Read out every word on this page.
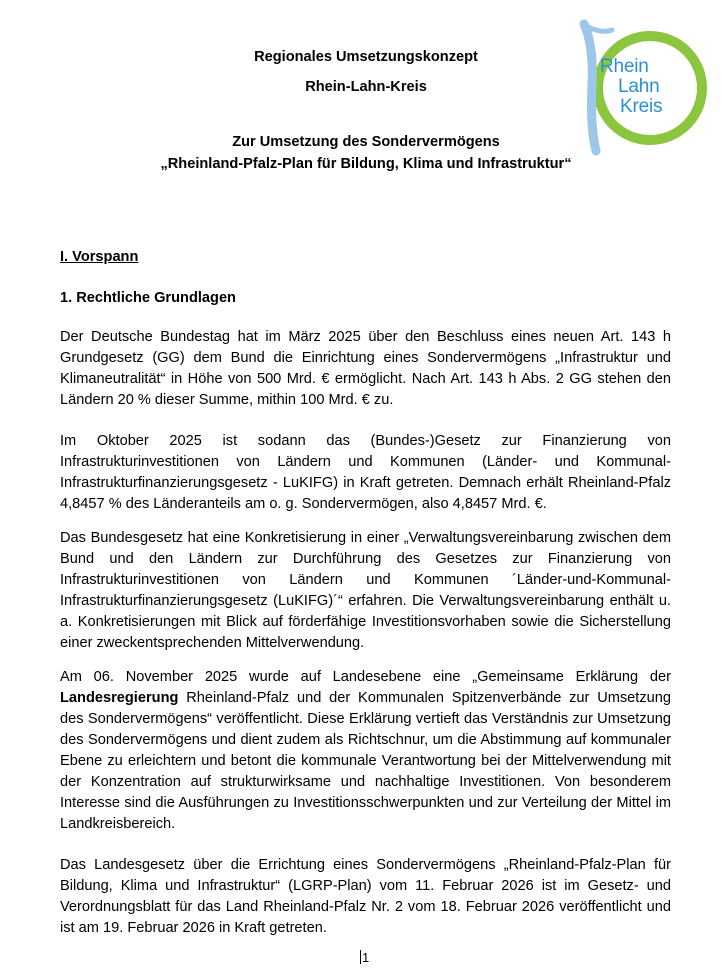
Rhein
Lahn
Kreis
Regionales Umsetzungskonzept
Rhein-Lahn-Kreis
Zur Umsetzung des Sondervermögens
„Rheinland-Pfalz-Plan für Bildung, Klima und Infrastruktur“
I. Vorspann
1. Rechtliche Grundlagen

Der Deutsche Bundestag hat im März 2025 über den Beschluss eines neuen Art. 143 h Grundgesetz (GG) dem Bund die Einrichtung eines Sondervermögens „Infrastruktur und Klimaneutralität“ in Höhe von 500 Mrd. € ermöglicht. Nach Art. 143 h Abs. 2 GG stehen den Ländern 20 % dieser Summe, mithin 100 Mrd. € zu.

Im Oktober 2025 ist sodann das (Bundes-)Gesetz zur Finanzierung von Infrastrukturinvestitionen von Ländern und Kommunen (Länder- und Kommunal-Infrastrukturfinanzierungsgesetz - LuKIFG) in Kraft getreten. Demnach erhält Rheinland-Pfalz 4,8457 % des Länderanteils am o. g. Sondervermögen, also 4,8457 Mrd. €.

Das Bundesgesetz hat eine Konkretisierung in einer „Verwaltungsvereinbarung zwischen dem Bund und den Ländern zur Durchführung des Gesetzes zur Finanzierung von Infrastrukturinvestitionen von Ländern und Kommunen ´Länder-und-Kommunal-Infrastrukturfinanzierungsgesetz (LuKIFG)´“ erfahren. Die Verwaltungsvereinbarung enthält u. a. Konkretisierungen mit Blick auf förderfähige Investitionsvorhaben sowie die Sicherstellung einer zweckentsprechenden Mittelverwendung.

Am 06. November 2025 wurde auf Landesebene eine „Gemeinsame Erklärung der Landesregierung Rheinland-Pfalz und der Kommunalen Spitzenverbände zur Umsetzung des Sondervermögens“ veröffentlicht. Diese Erklärung vertieft das Verständnis zur Umsetzung des Sondervermögens und dient zudem als Richtschnur, um die Abstimmung auf kommunaler Ebene zu erleichtern und betont die kommunale Verantwortung bei der Mittelverwendung mit der Konzentration auf strukturwirksame und nachhaltige Investitionen. Von besonderem Interesse sind die Ausführungen zu Investitionsschwerpunkten und zur Verteilung der Mittel im Landkreisbereich.

Das Landesgesetz über die Errichtung eines Sondervermögens „Rheinland-Pfalz-Plan für Bildung, Klima und Infrastruktur“ (LGRP-Plan) vom 11. Februar 2026 ist im Gesetz- und Verordnungsblatt für das Land Rheinland-Pfalz Nr. 2 vom 18. Februar 2026 veröffentlicht und ist am 19. Februar 2026 in Kraft getreten.

1
